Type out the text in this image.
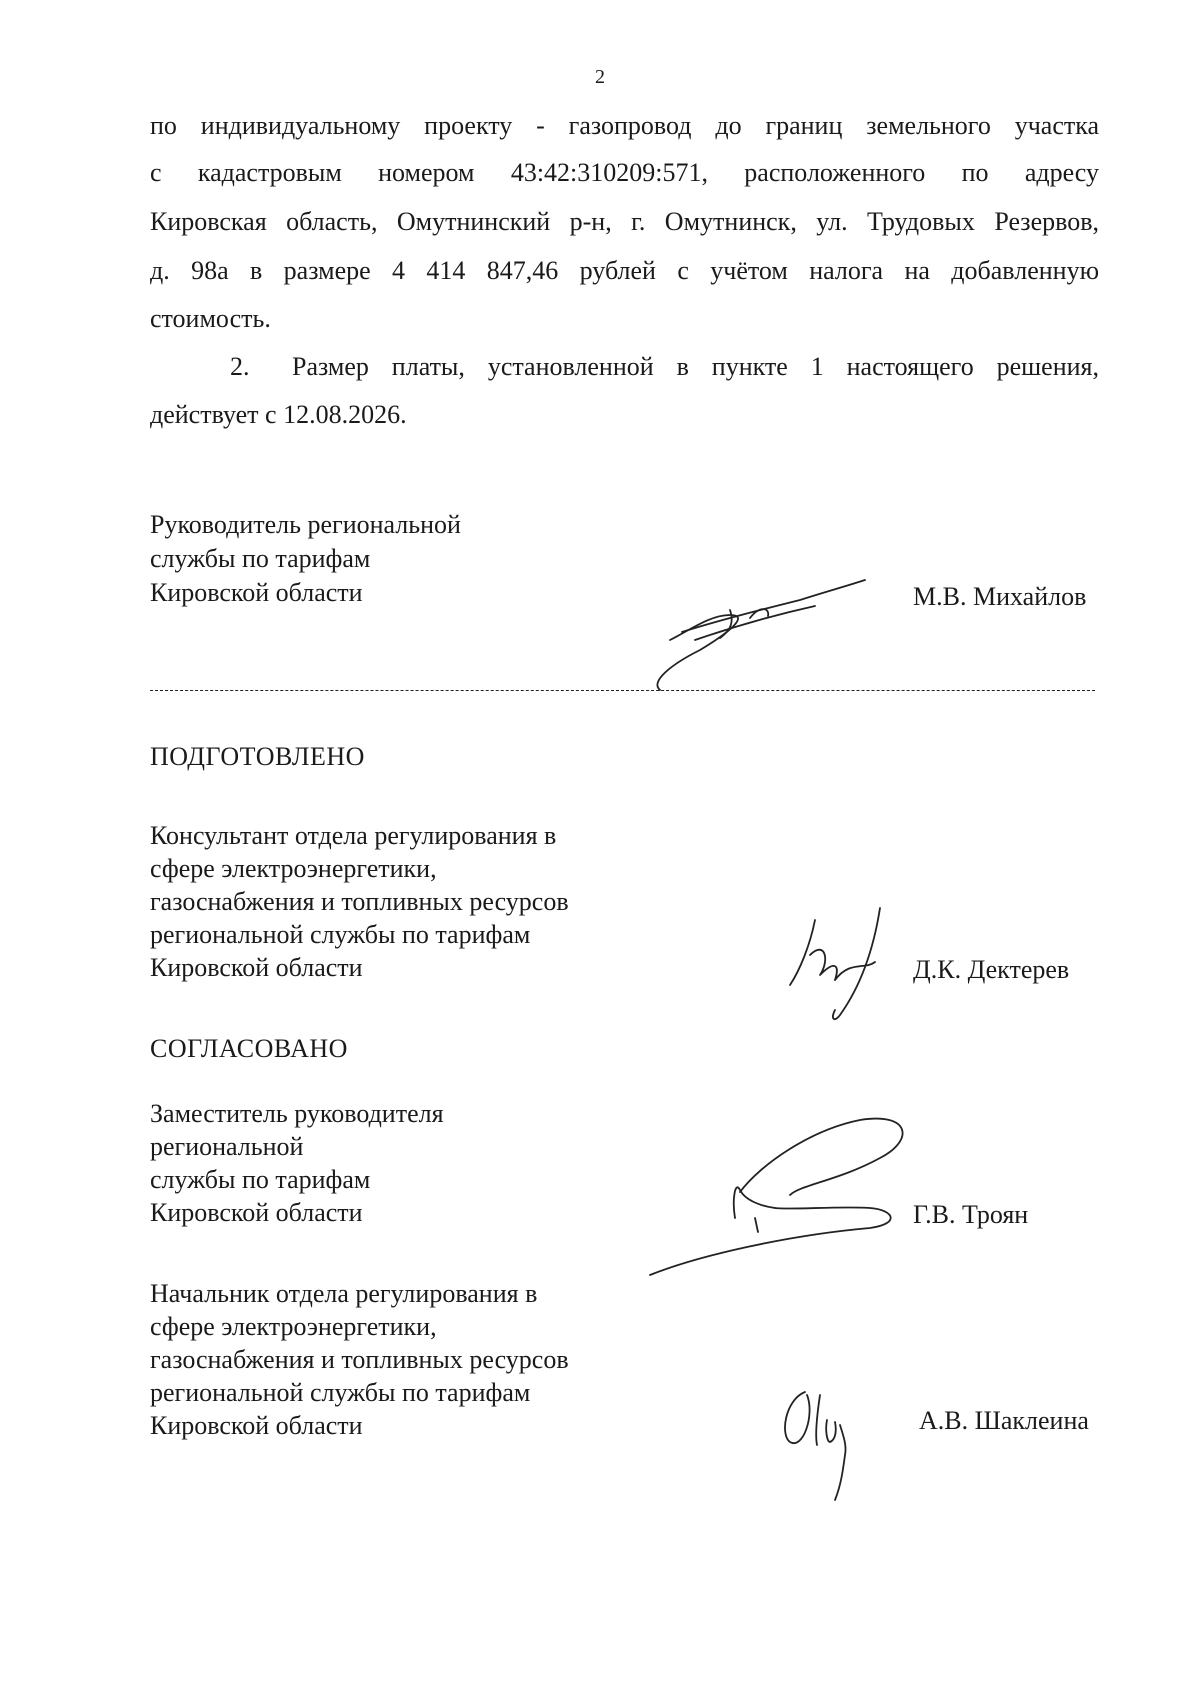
2
по индивидуальному проекту - газопровод до границ земельного участка
с кадастровым номером 43:42:310209:571, расположенного по адресу
Кировская область, Омутнинский р-н, г. Омутнинск, ул. Трудовых Резервов,
д. 98а в размере 4 414 847,46 рублей с учётом налога на добавленную
стоимость.
2. Размер платы, установленной в пункте 1 настоящего решения,
действует с 12.08.2026.
Руководитель региональной
службы по тарифам
Кировской области	М.В. Михайлов
ПОДГОТОВЛЕНО
Консультант отдела регулирования в
сфере электроэнергетики,
газоснабжения и топливных ресурсов
региональной службы по тарифам
Кировской области	Д.К. Дектерев
СОГЛАСОВАНО
Заместитель руководителя
региональной
службы по тарифам
Кировской области	Г.В. Троян
Начальник отдела регулирования в
сфере электроэнергетики,
газоснабжения и топливных ресурсов
региональной службы по тарифам
Кировской области	А.В. Шаклеина
